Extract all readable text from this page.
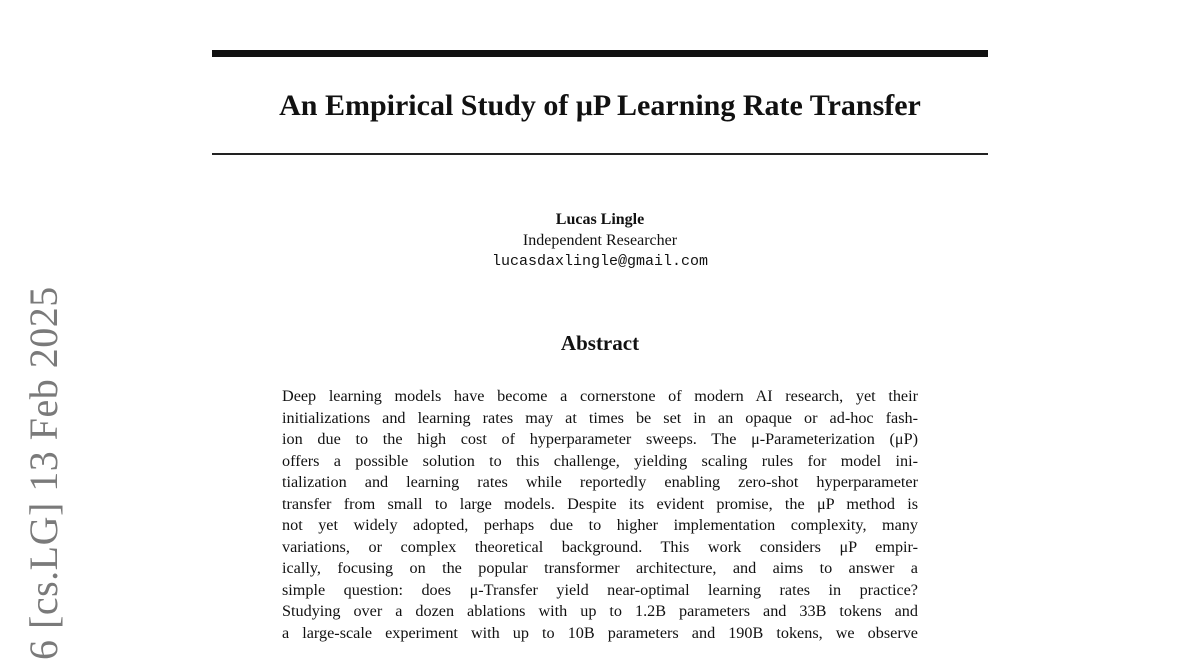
An Empirical Study of μP Learning Rate Transfer
Lucas Lingle
Independent Researcher
lucasdaxlingle@gmail.com
Abstract
Deep learning models have become a cornerstone of modern AI research, yet their
initializations and learning rates may at times be set in an opaque or ad-hoc fash-
ion due to the high cost of hyperparameter sweeps. The μ-Parameterization (μP)
offers a possible solution to this challenge, yielding scaling rules for model ini-
tialization and learning rates while reportedly enabling zero-shot hyperparameter
transfer from small to large models. Despite its evident promise, the μP method is
not yet widely adopted, perhaps due to higher implementation complexity, many
variations, or complex theoretical background. This work considers μP empir-
ically, focusing on the popular transformer architecture, and aims to answer a
simple question: does μ-Transfer yield near-optimal learning rates in practice?
Studying over a dozen ablations with up to 1.2B parameters and 33B tokens and
a large-scale experiment with up to 10B parameters and 190B tokens, we observe
6 [cs.LG] 13 Feb 2025
